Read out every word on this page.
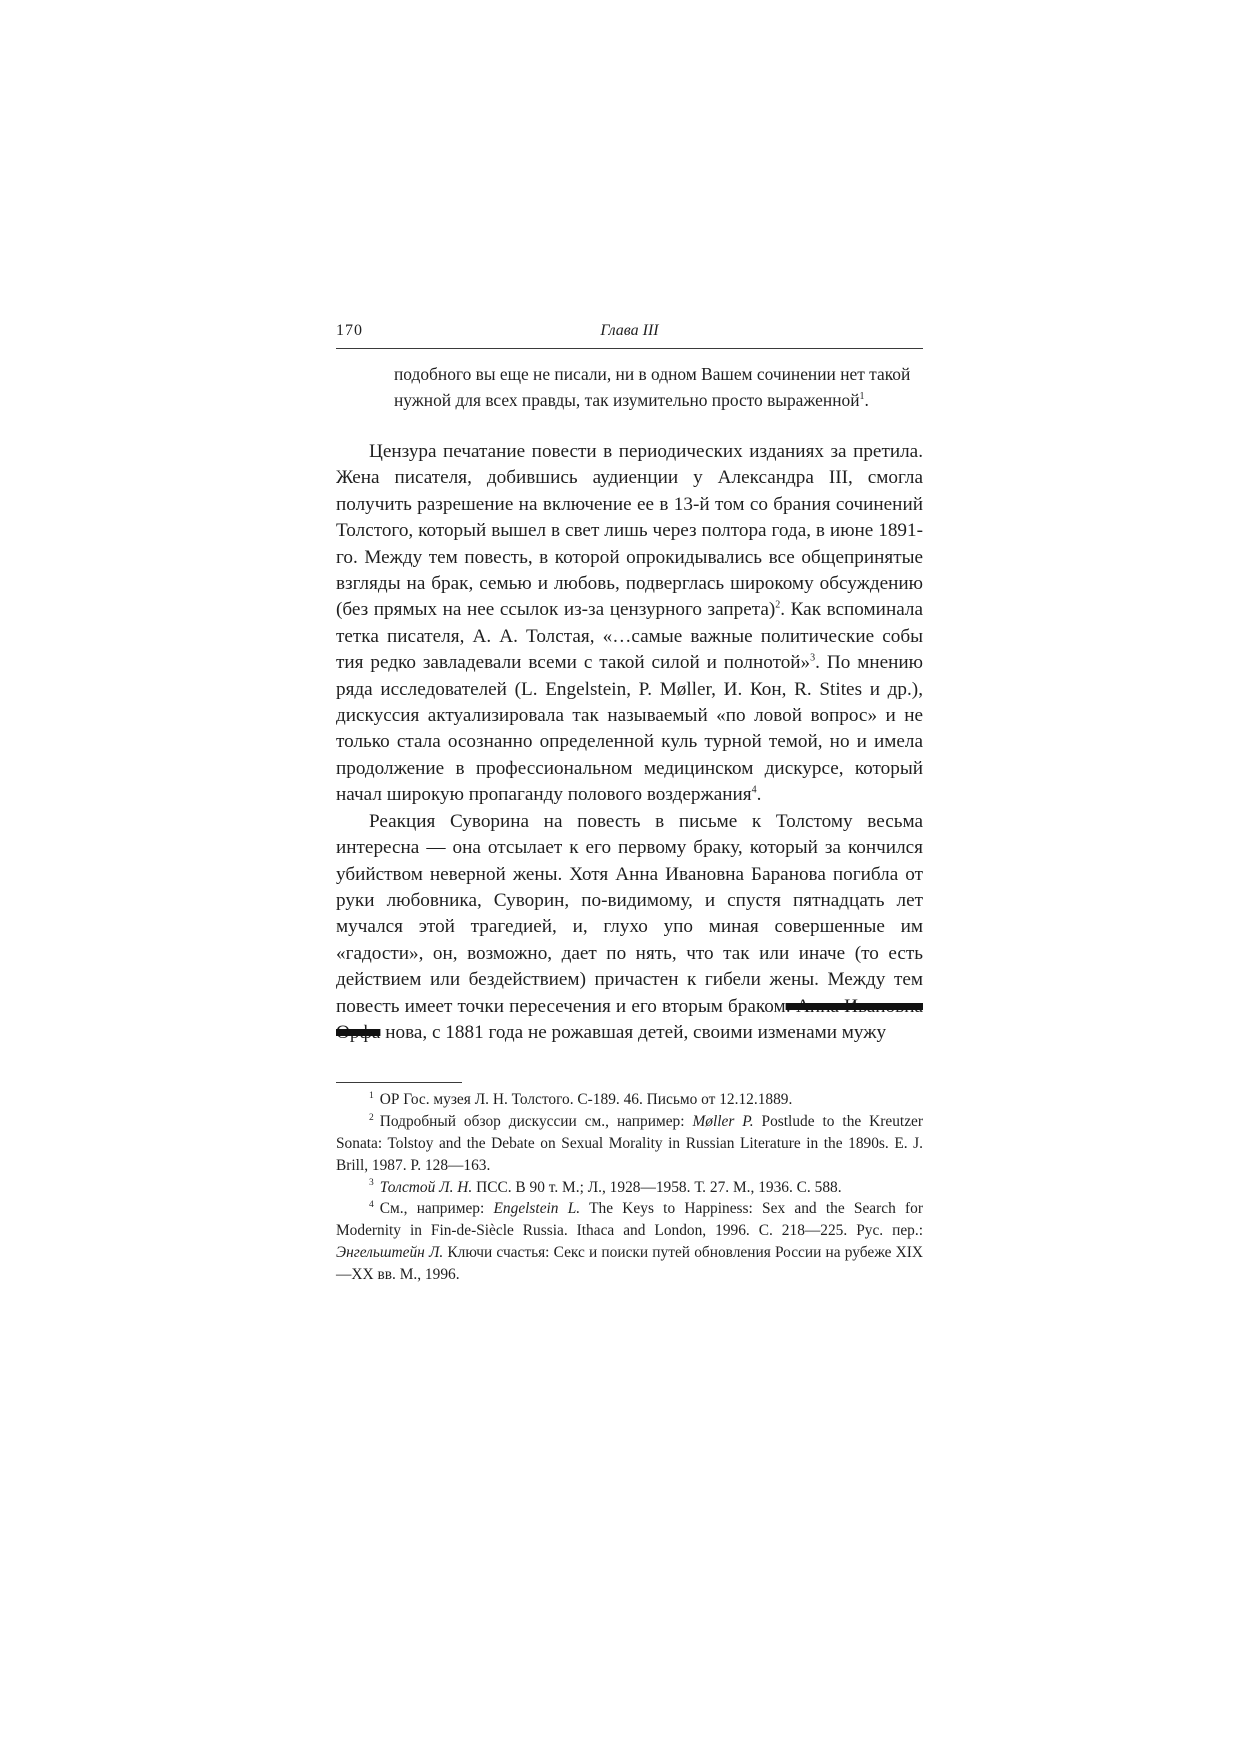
170	Глава III
подобного вы еще не писали, ни в одном Вашем сочинении нет такой нужной для всех правды, так изумительно просто выраженной$^1$.

Цензура печатание повести в периодических изданиях за претила. Жена писателя, добившись аудиенции у Александра III, смогла получить разрешение на включение ее в 13-й том со брания сочинений Толстого, который вышел в свет лишь через полтора года, в июне 1891-го. Между тем повесть, в которой опрокидывались все общепринятые взгляды на брак, семью и любовь, подверглась широкому обсуждению (без прямых на нее ссылок из-за цензурного запрета)$^2$. Как вспоминала тетка писателя, А. А. Толстая, «…самые важные политические собы тия редко завладевали всеми с такой силой и полнотой»$^3$. По мнению ряда исследователей (L. Engelstein, P. Møller, И. Кон, R. Stites и др.), дискуссия актуализировала так называемый «по ловой вопрос» и не только стала осознанно определенной куль турной темой, но и имела продолжение в профессиональном медицинском дискурсе, который начал широкую пропаганду полового воздержания$^4$.

Реакция Суворина на повесть в письме к Толстому весьма интересна — она отсылает к его первому браку, который за кончился убийством неверной жены. Хотя Анна Ивановна Баранова погибла от руки любовника, Суворин, по-видимому, и спустя пятнадцать лет мучался этой трагедией, и, глухо упо миная совершенные им «гадости», он, возможно, дает по нять, что так или иначе (то есть действием или бездействием) причастен к гибели жены. Между тем повесть имеет точки пересечения и его вторым браком: Анна Ивановна Орфа нова, с 1881 года не рожавшая детей, своими изменами мужу

$^1$ ОР Гос. музея Л. Н. Толстого. С-189. 46. Письмо от 12.12.1889.

$^2$ Подробный обзор дискуссии см., например: Møller P. Postlude to the Kreutzer Sonata: Tolstoy and the Debate on Sexual Morality in Russian Literature in the 1890s. E. J. Brill, 1987. P. 128—163.

$^3$ Толстой Л. Н. ПСС. В 90 т. М.; Л., 1928—1958. Т. 27. М., 1936. С. 588.

$^4$ См., например: Engelstein L. The Keys to Happiness: Sex and the Search for Modernity in Fin-de-Siècle Russia. Ithaca and London, 1996. С. 218—225. Рус. пер.: Энгельштейн Л. Ключи счастья: Секс и поиски путей обновления России на рубеже XIX—XX вв. М., 1996.
